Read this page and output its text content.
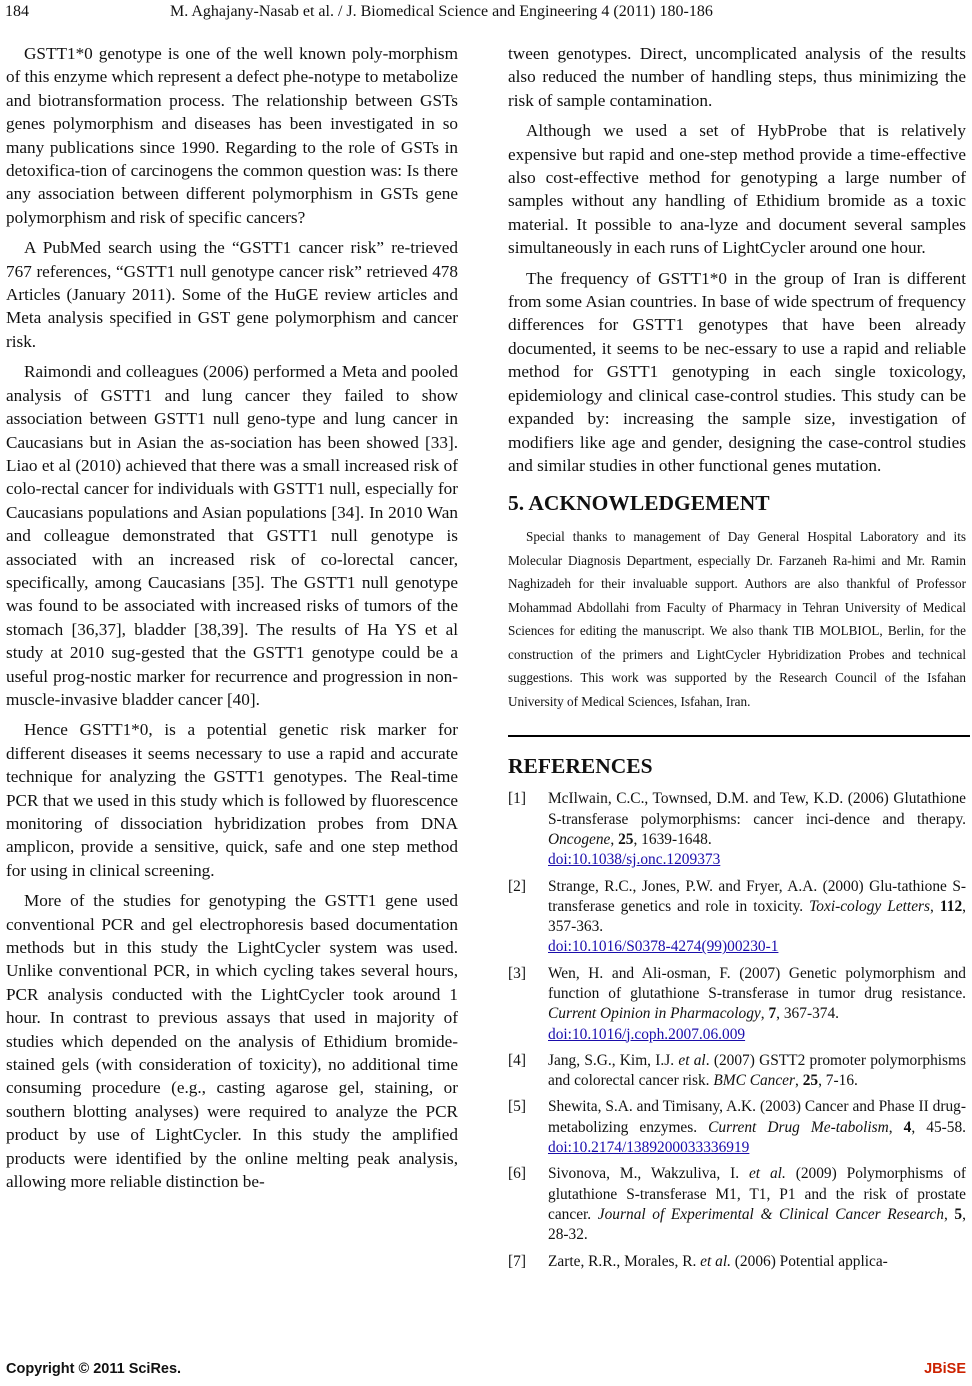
184	M. Aghajany-Nasab et al. / J. Biomedical Science and Engineering 4 (2011) 180-186

GSTT1*0 genotype is one of the well known poly-morphism of this enzyme which represent a defect phe-notype to metabolize and biotransformation process. The relationship between GSTs genes polymorphism and diseases has been investigated in so many publications since 1990. Regarding to the role of GSTs in detoxifica-tion of carcinogens the common question was: Is there any association between different polymorphism in GSTs gene polymorphism and risk of specific cancers?

A PubMed search using the “GSTT1 cancer risk” re-trieved 767 references, “GSTT1 null genotype cancer risk” retrieved 478 Articles (January 2011). Some of the HuGE review articles and Meta analysis specified in GST gene polymorphism and cancer risk.

Raimondi and colleagues (2006) performed a Meta and pooled analysis of GSTT1 and lung cancer they failed to show association between GSTT1 null geno-type and lung cancer in Caucasians but in Asian the as-sociation has been showed [33]. Liao et al (2010) achieved that there was a small increased risk of colo-rectal cancer for individuals with GSTT1 null, especially for Caucasians populations and Asian populations [34]. In 2010 Wan and colleague demonstrated that GSTT1 null genotype is associated with an increased risk of co-lorectal cancer, specifically, among Caucasians [35]. The GSTT1 null genotype was found to be associated with increased risks of tumors of the stomach [36,37], bladder [38,39]. The results of Ha YS et al study at 2010 sug-gested that the GSTT1 genotype could be a useful prog-nostic marker for recurrence and progression in non-muscle-invasive bladder cancer [40].

Hence GSTT1*0, is a potential genetic risk marker for different diseases it seems necessary to use a rapid and accurate technique for analyzing the GSTT1 genotypes. The Real-time PCR that we used in this study which is followed by fluorescence monitoring of dissociation hybridization probes from DNA amplicon, provide a sensitive, quick, safe and one step method for using in clinical screening.

More of the studies for genotyping the GSTT1 gene used conventional PCR and gel electrophoresis based documentation methods but in this study the LightCycler system was used. Unlike conventional PCR, in which cycling takes several hours, PCR analysis conducted with the LightCycler took around 1 hour. In contrast to previous assays that used in majority of studies which depended on the analysis of Ethidium bromide-stained gels (with consideration of toxicity), no additional time consuming procedure (e.g., casting agarose gel, staining, or southern blotting analyses) were required to analyze the PCR product by use of LightCycler. In this study the amplified products were identified by the online melting peak analysis, allowing more reliable distinction be-

tween genotypes. Direct, uncomplicated analysis of the results also reduced the number of handling steps, thus minimizing the risk of sample contamination.

Although we used a set of HybProbe that is relatively expensive but rapid and one-step method provide a time-effective also cost-effective method for genotyping a large number of samples without any handling of Ethidium bromide as a toxic material. It possible to ana-lyze and document several samples simultaneously in each runs of LightCycler around one hour.

The frequency of GSTT1*0 in the group of Iran is different from some Asian countries. In base of wide spectrum of frequency differences for GSTT1 genotypes that have been already documented, it seems to be nec-essary to use a rapid and reliable method for GSTT1 genotyping in each single toxicology, epidemiology and clinical case-control studies. This study can be expanded by: increasing the sample size, investigation of modifiers like age and gender, designing the case-control studies and similar studies in other functional genes mutation.

5. ACKNOWLEDGEMENT

Special thanks to management of Day General Hospital Laboratory and its Molecular Diagnosis Department, especially Dr. Farzaneh Ra-himi and Mr. Ramin Naghizadeh for their invaluable support. Authors are also thankful of Professor Mohammad Abdollahi from Faculty of Pharmacy in Tehran University of Medical Sciences for editing the manuscript. We also thank TIB MOLBIOL, Berlin, for the construction of the primers and LightCycler Hybridization Probes and technical suggestions. This work was supported by the Research Council of the Isfahan University of Medical Sciences, Isfahan, Iran.

REFERENCES
[1]	McIlwain, C.C., Townsed, D.M. and Tew, K.D. (2006) Glutathione S-transferase polymorphisms: cancer inci-dence and therapy. Oncogene, 25, 1639-1648.
doi:10.1038/sj.onc.1209373
[2]	Strange, R.C., Jones, P.W. and Fryer, A.A. (2000) Glu-tathione S-transferase genetics and role in toxicity. Toxi-cology Letters, 112, 357-363.
doi:10.1016/S0378-4274(99)00230-1
[3]	Wen, H. and Ali-osman, F. (2007) Genetic polymorphism and function of glutathione S-transferase in tumor drug resistance. Current Opinion in Pharmacology, 7, 367-374.
doi:10.1016/j.coph.2007.06.009
[4]	Jang, S.G., Kim, I.J. et al. (2007) GSTT2 promoter polymorphisms and colorectal cancer risk. BMC Cancer, 25, 7-16.
[5]	Shewita, S.A. and Timisany, A.K. (2003) Cancer and Phase II drug-metabolizing enzymes. Current Drug Me-tabolism, 4, 45-58. doi:10.2174/1389200033336919
[6]	Sivonova, M., Wakzuliva, I. et al. (2009) Polymorphisms of glutathione S-transferase M1, T1, P1 and the risk of prostate cancer. Journal of Experimental & Clinical Cancer Research, 5, 28-32.
[7]	Zarte, R.R., Morales, R. et al. (2006) Potential applica-
Copyright © 2011 SciRes.	JBiSE
